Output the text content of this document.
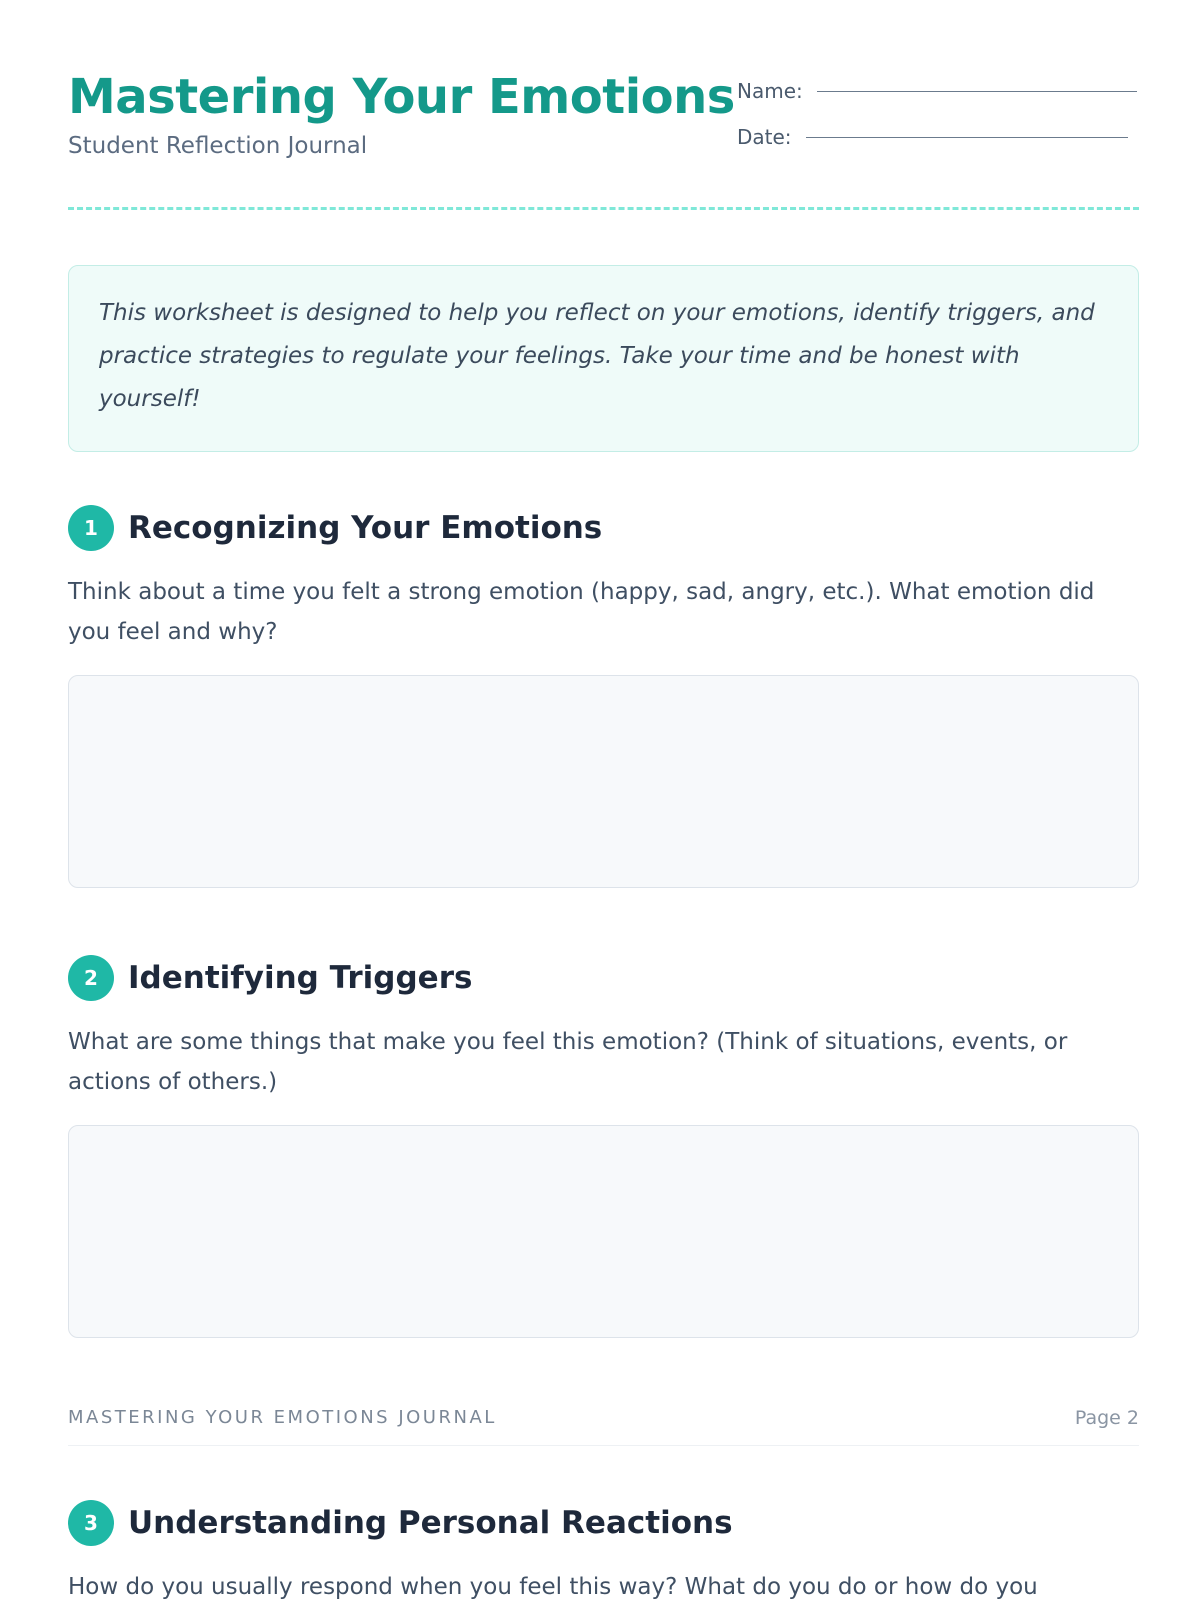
Mastering Your Emotions
Student Reflection Journal
Name:
Date:

This worksheet is designed to help you reflect on your emotions, identify triggers, and practice strategies to regulate your feelings. Take your time and be honest with yourself!

1 Recognizing Your Emotions
Think about a time you felt a strong emotion (happy, sad, angry, etc.). What emotion did you feel and why?
2 Identifying Triggers
What are some things that make you feel this emotion? (Think of situations, events, or actions of others.)
MASTERING YOUR EMOTIONS JOURNAL	Page 2
3 Understanding Personal Reactions
How do you usually respond when you feel this way? What do you do or how do you
